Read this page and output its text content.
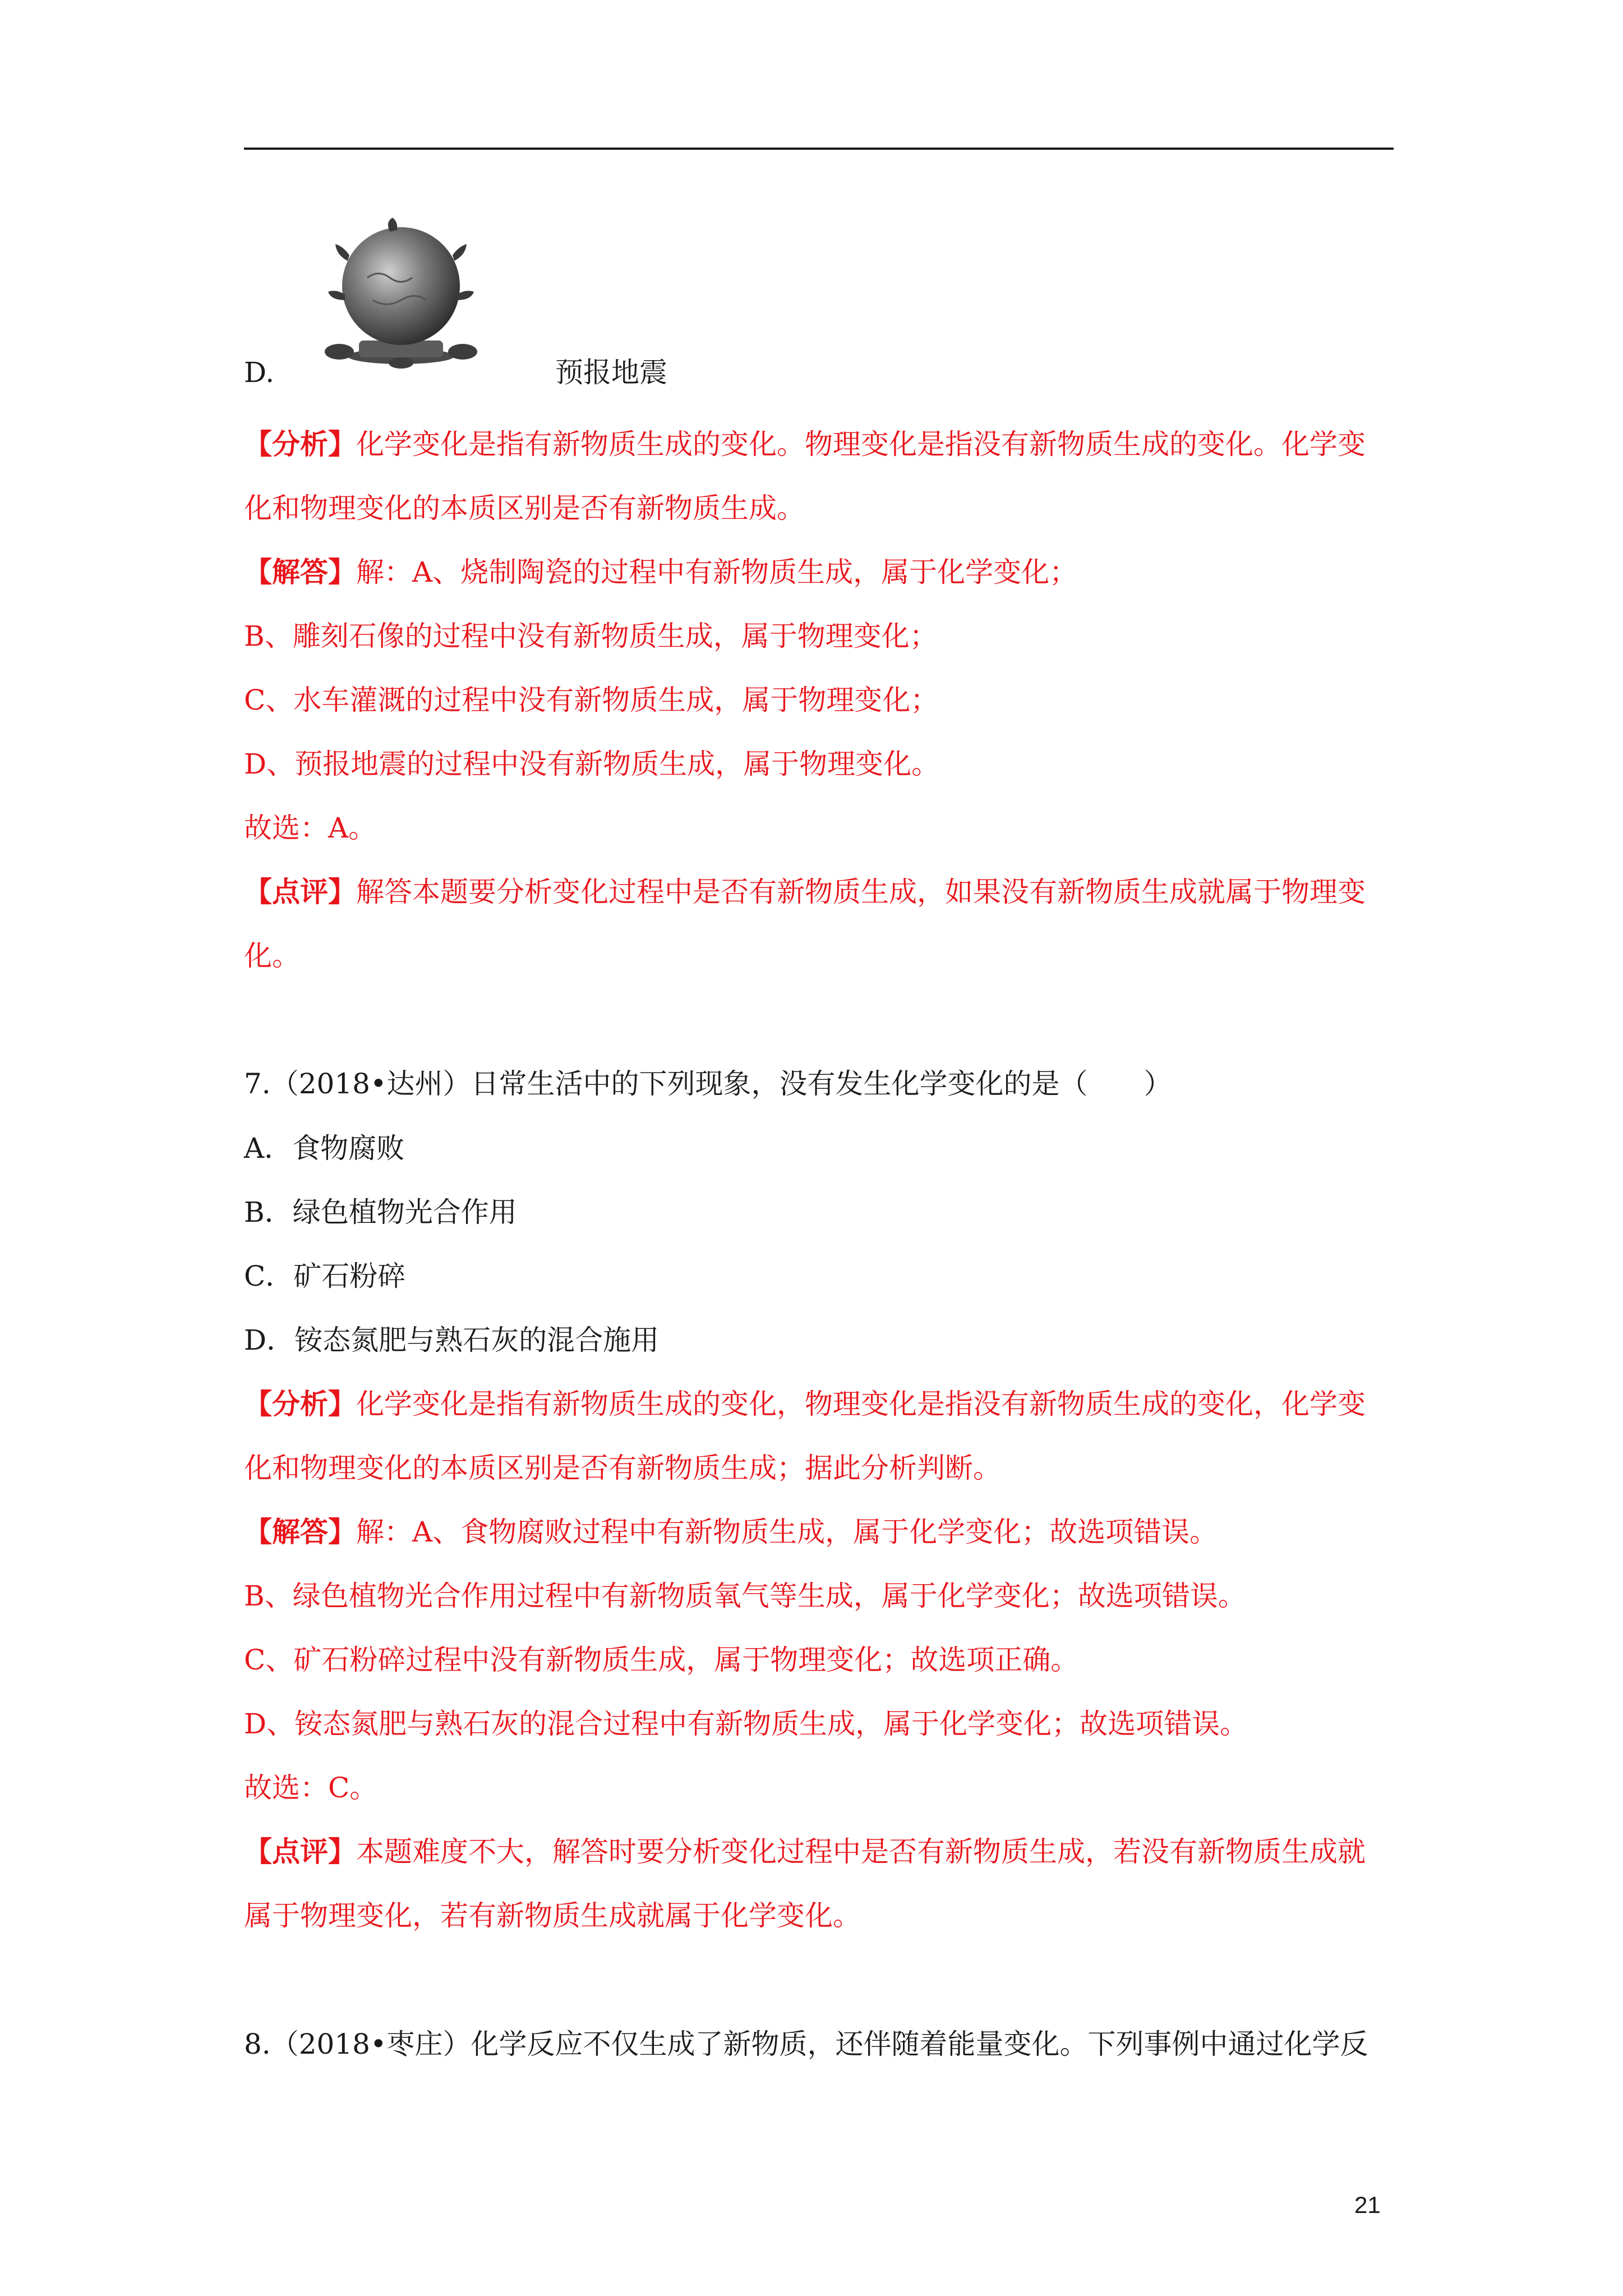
D.	预报地震
【分析】化学变化是指有新物质生成的变化。物理变化是指没有新物质生成的变化。化学变
化和物理变化的本质区别是否有新物质生成。
【解答】解：A、烧制陶瓷的过程中有新物质生成，属于化学变化；
B、雕刻石像的过程中没有新物质生成，属于物理变化；
C、水车灌溉的过程中没有新物质生成，属于物理变化；
D、预报地震的过程中没有新物质生成，属于物理变化。
故选：A。
【点评】解答本题要分析变化过程中是否有新物质生成，如果没有新物质生成就属于物理变
化。
7.（2018•达州）日常生活中的下列现象，没有发生化学变化的是（　　）
A．食物腐败
B．绿色植物光合作用
C．矿石粉碎
D．铵态氮肥与熟石灰的混合施用
【分析】化学变化是指有新物质生成的变化，物理变化是指没有新物质生成的变化，化学变
化和物理变化的本质区别是否有新物质生成；据此分析判断。
【解答】解：A、食物腐败过程中有新物质生成，属于化学变化；故选项错误。
B、绿色植物光合作用过程中有新物质氧气等生成，属于化学变化；故选项错误。
C、矿石粉碎过程中没有新物质生成，属于物理变化；故选项正确。
D、铵态氮肥与熟石灰的混合过程中有新物质生成，属于化学变化；故选项错误。
故选：C。
【点评】本题难度不大，解答时要分析变化过程中是否有新物质生成，若没有新物质生成就
属于物理变化，若有新物质生成就属于化学变化。
8.（2018•枣庄）化学反应不仅生成了新物质，还伴随着能量变化。下列事例中通过化学反
21
